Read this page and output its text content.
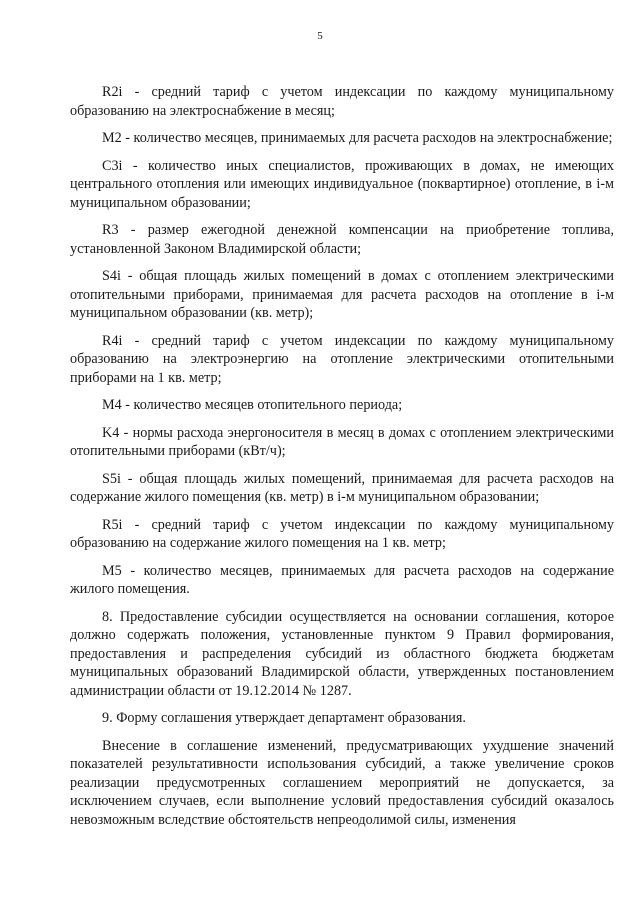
5

R2i - средний тариф с учетом индексации по каждому муниципальному образованию на электроснабжение в месяц;

M2 - количество месяцев, принимаемых для расчета расходов на электроснабжение;

C3i - количество иных специалистов, проживающих в домах, не имеющих центрального отопления или имеющих индивидуальное (поквартирное) отопление, в i-м муниципальном образовании;

R3 - размер ежегодной денежной компенсации на приобретение топлива, установленной Законом Владимирской области;

S4i - общая площадь жилых помещений в домах с отоплением электрическими отопительными приборами, принимаемая для расчета расходов на отопление в i-м муниципальном образовании (кв. метр);

R4i - средний тариф с учетом индексации по каждому муниципальному образованию на электроэнергию на отопление электрическими отопительными приборами на 1 кв. метр;

M4 - количество месяцев отопительного периода;

K4 - нормы расхода энергоносителя в месяц в домах с отоплением электрическими отопительными приборами (кВт/ч);

S5i - общая площадь жилых помещений, принимаемая для расчета расходов на содержание жилого помещения (кв. метр) в i-м муниципальном образовании;

R5i - средний тариф с учетом индексации по каждому муниципальному образованию на содержание жилого помещения на 1 кв. метр;

M5 - количество месяцев, принимаемых для расчета расходов на содержание жилого помещения.

8. Предоставление субсидии осуществляется на основании соглашения, которое должно содержать положения, установленные пунктом 9 Правил формирования, предоставления и распределения субсидий из областного бюджета бюджетам муниципальных образований Владимирской области, утвержденных постановлением администрации области от 19.12.2014 № 1287.

9. Форму соглашения утверждает департамент образования.

Внесение в соглашение изменений, предусматривающих ухудшение значений показателей результативности использования субсидий, а также увеличение сроков реализации предусмотренных соглашением мероприятий не допускается, за исключением случаев, если выполнение условий предоставления субсидий оказалось невозможным вследствие обстоятельств непреодолимой силы, изменения
